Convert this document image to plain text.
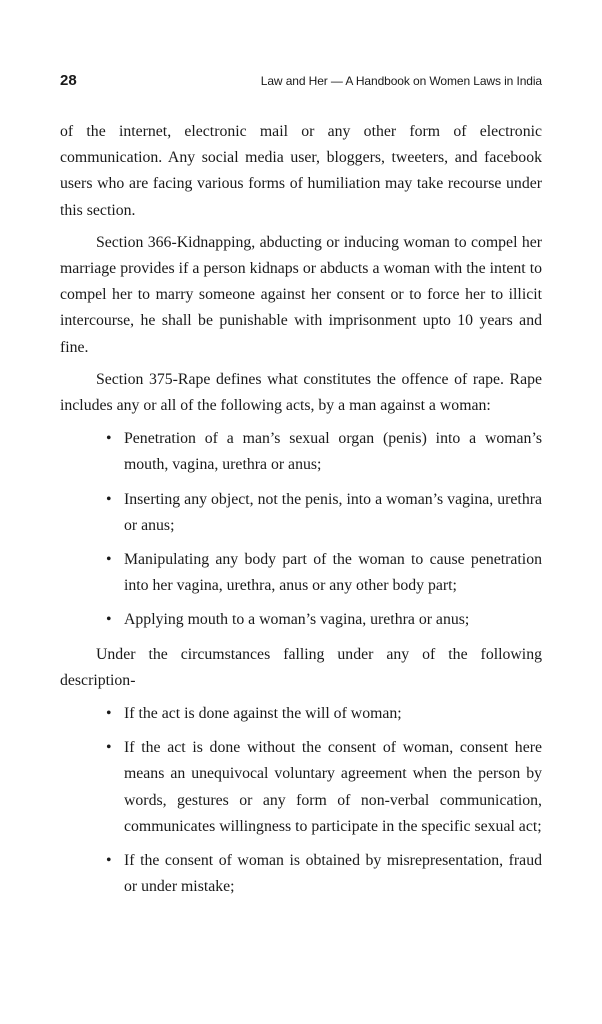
28	Law and Her — A Handbook on Women Laws in India

of the internet, electronic mail or any other form of electronic communication. Any social media user, bloggers, tweeters, and facebook users who are facing various forms of humiliation may take recourse under this section.

Section 366-Kidnapping, abducting or inducing woman to compel her marriage provides if a person kidnaps or abducts a woman with the intent to compel her to marry someone against her consent or to force her to illicit intercourse, he shall be punishable with imprisonment upto 10 years and fine.

Section 375-Rape defines what constitutes the offence of rape. Rape includes any or all of the following acts, by a man against a woman:

• Penetration of a man’s sexual organ (penis) into a woman’s mouth, vagina, urethra or anus;
• Inserting any object, not the penis, into a woman’s vagina, urethra or anus;
• Manipulating any body part of the woman to cause penetration into her vagina, urethra, anus or any other body part;
• Applying mouth to a woman’s vagina, urethra or anus;

Under the circumstances falling under any of the following description-

• If the act is done against the will of woman;
• If the act is done without the consent of woman, consent here means an unequivocal voluntary agreement when the person by words, gestures or any form of non-verbal communication, communicates willingness to participate in the specific sexual act;
• If the consent of woman is obtained by misrepresentation, fraud or under mistake;
